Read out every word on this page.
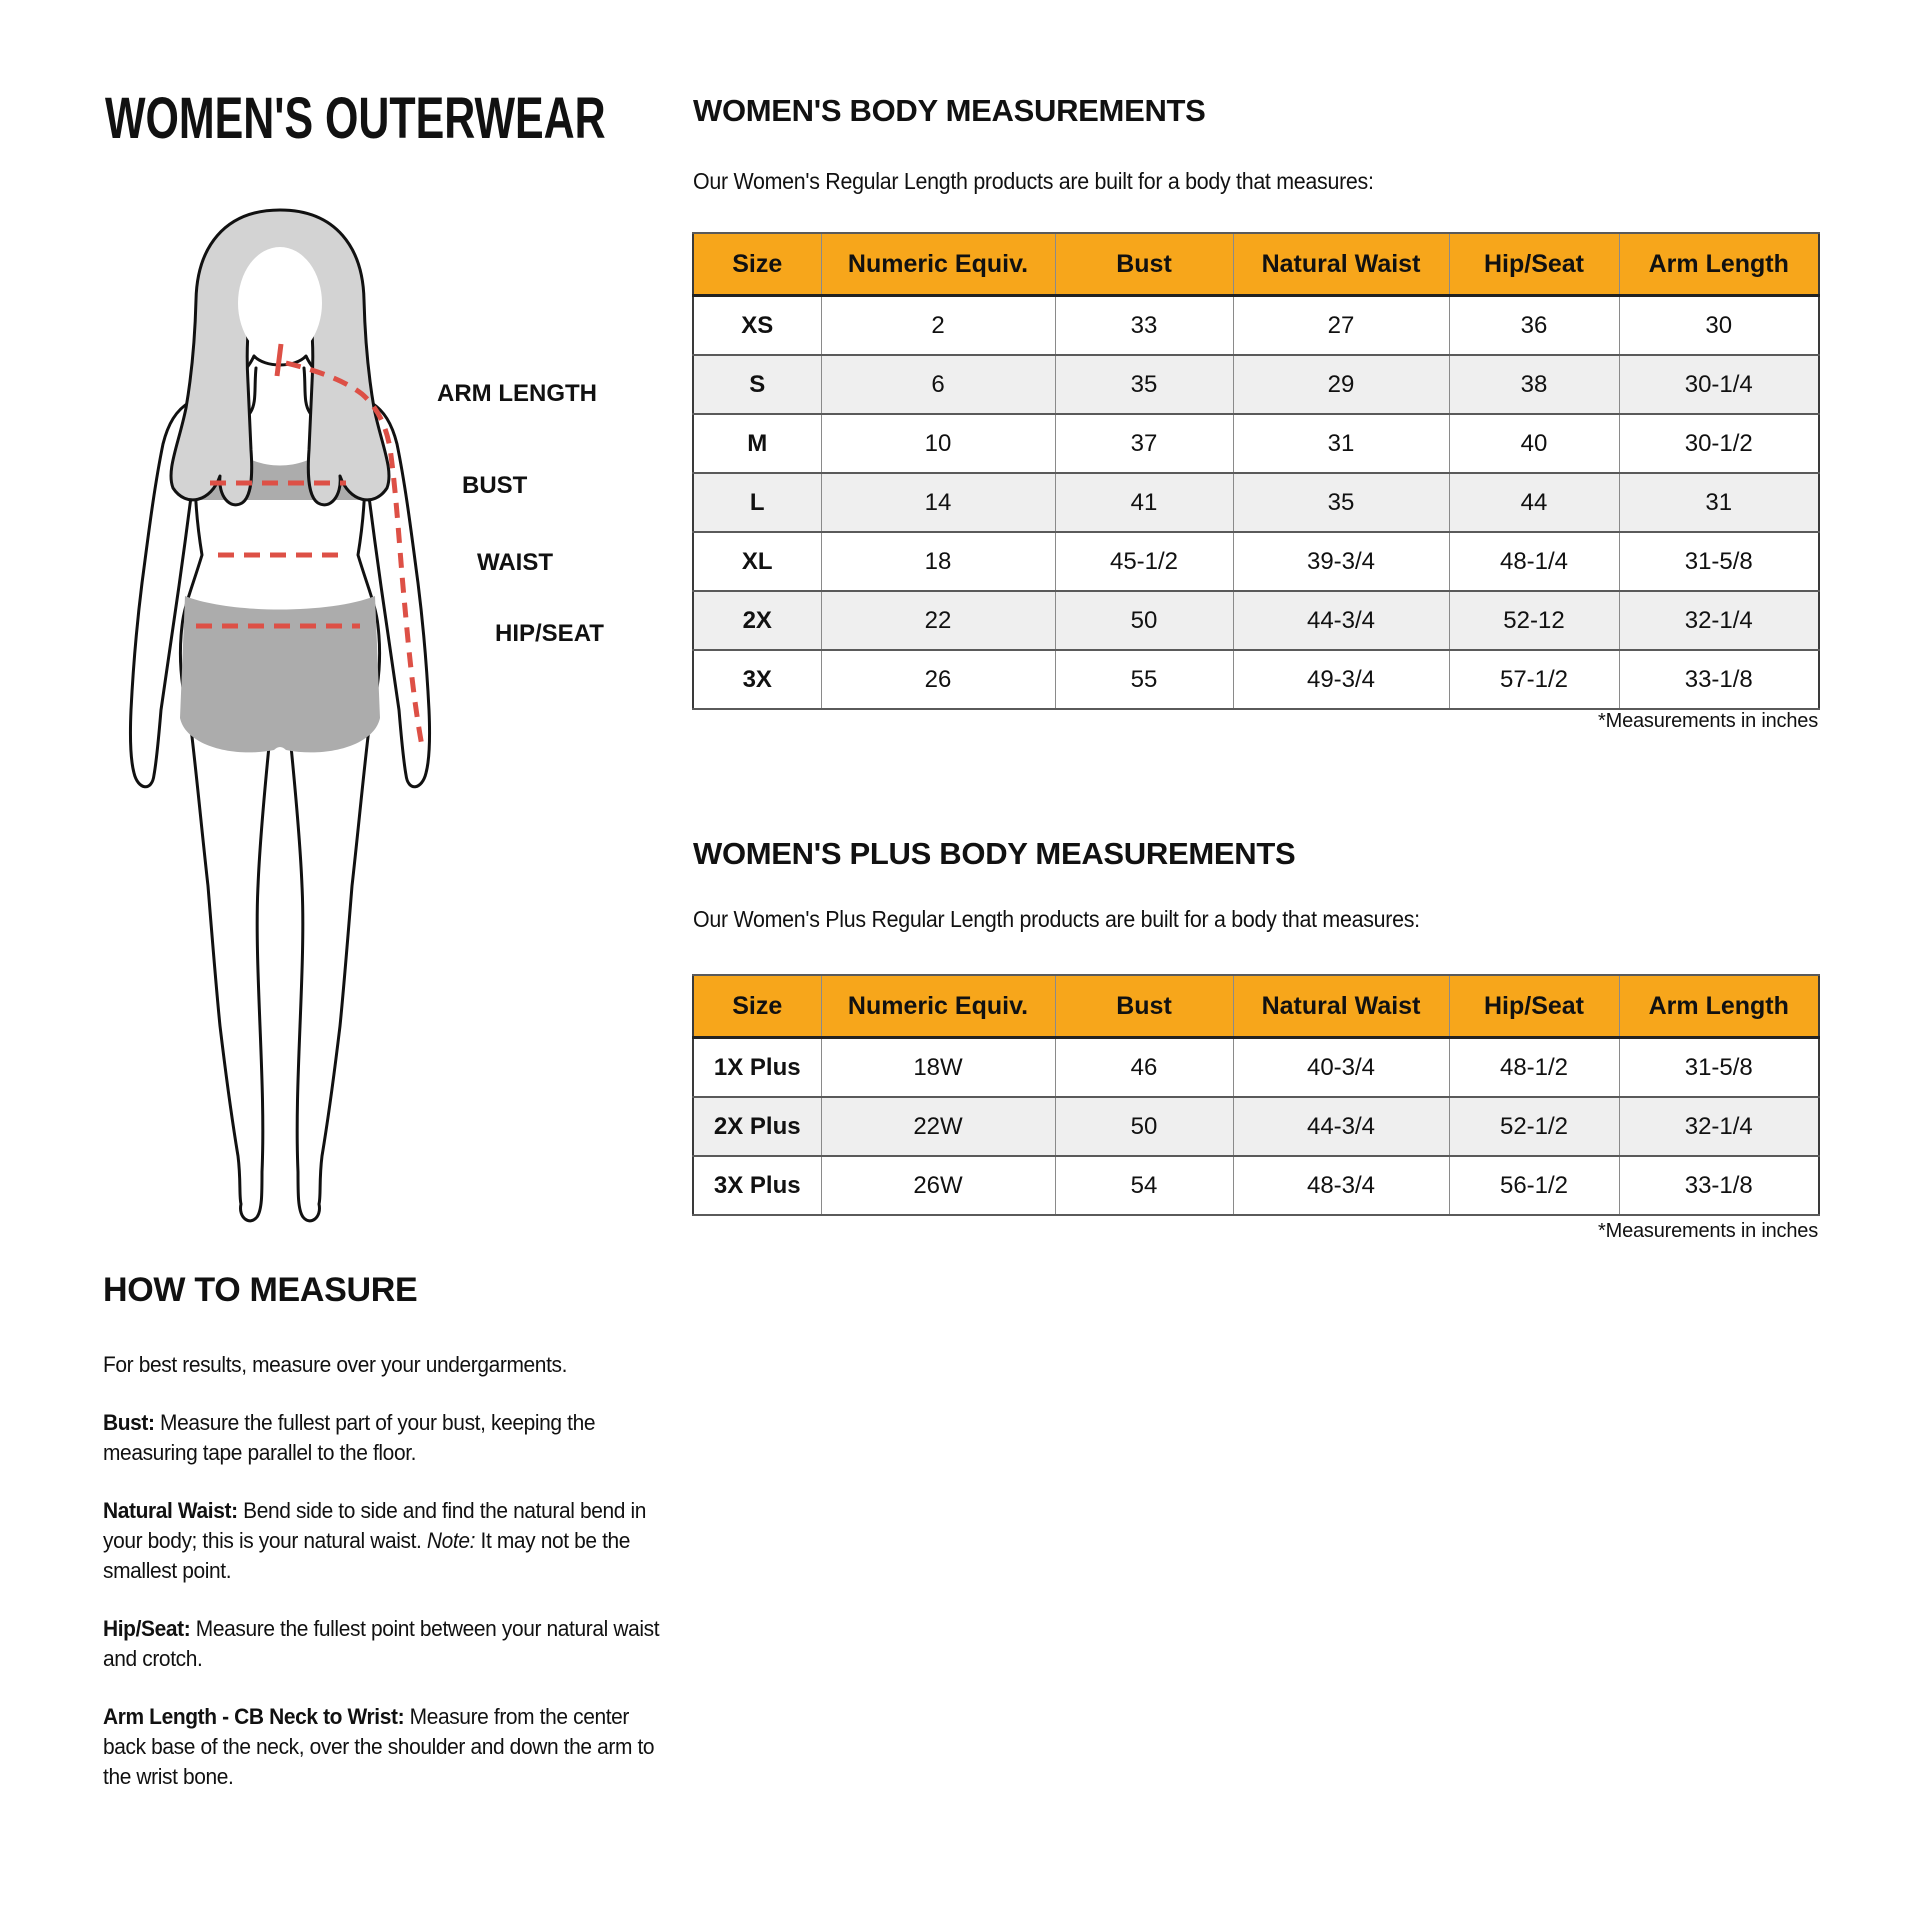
WOMEN'S OUTERWEAR
ARM LENGTH
BUST
WAIST
HIP/SEAT
WOMEN'S BODY MEASUREMENTS
Our Women's Regular Length products are built for a body that measures:
Size	Numeric Equiv.	Bust	Natural Waist	Hip/Seat	Arm Length
XS	2	33	27	36	30
S	6	35	29	38	30-1/4
M	10	37	31	40	30-1/2
L	14	41	35	44	31
XL	18	45-1/2	39-3/4	48-1/4	31-5/8
2X	22	50	44-3/4	52-12	32-1/4
3X	26	55	49-3/4	57-1/2	33-1/8
*Measurements in inches
WOMEN'S PLUS BODY MEASUREMENTS
Our Women's Plus Regular Length products are built for a body that measures:
Size	Numeric Equiv.	Bust	Natural Waist	Hip/Seat	Arm Length
1X Plus	18W	46	40-3/4	48-1/2	31-5/8
2X Plus	22W	50	44-3/4	52-1/2	32-1/4
3X Plus	26W	54	48-3/4	56-1/2	33-1/8
*Measurements in inches
HOW TO MEASURE

For best results, measure over your undergarments.

Bust: Measure the fullest part of your bust, keeping the measuring tape parallel to the floor.

Natural Waist: Bend side to side and find the natural bend in your body; this is your natural waist. Note: It may not be the smallest point.

Hip/Seat: Measure the fullest point between your natural waist and crotch.

Arm Length - CB Neck to Wrist: Measure from the center back base of the neck, over the shoulder and down the arm to the wrist bone.
